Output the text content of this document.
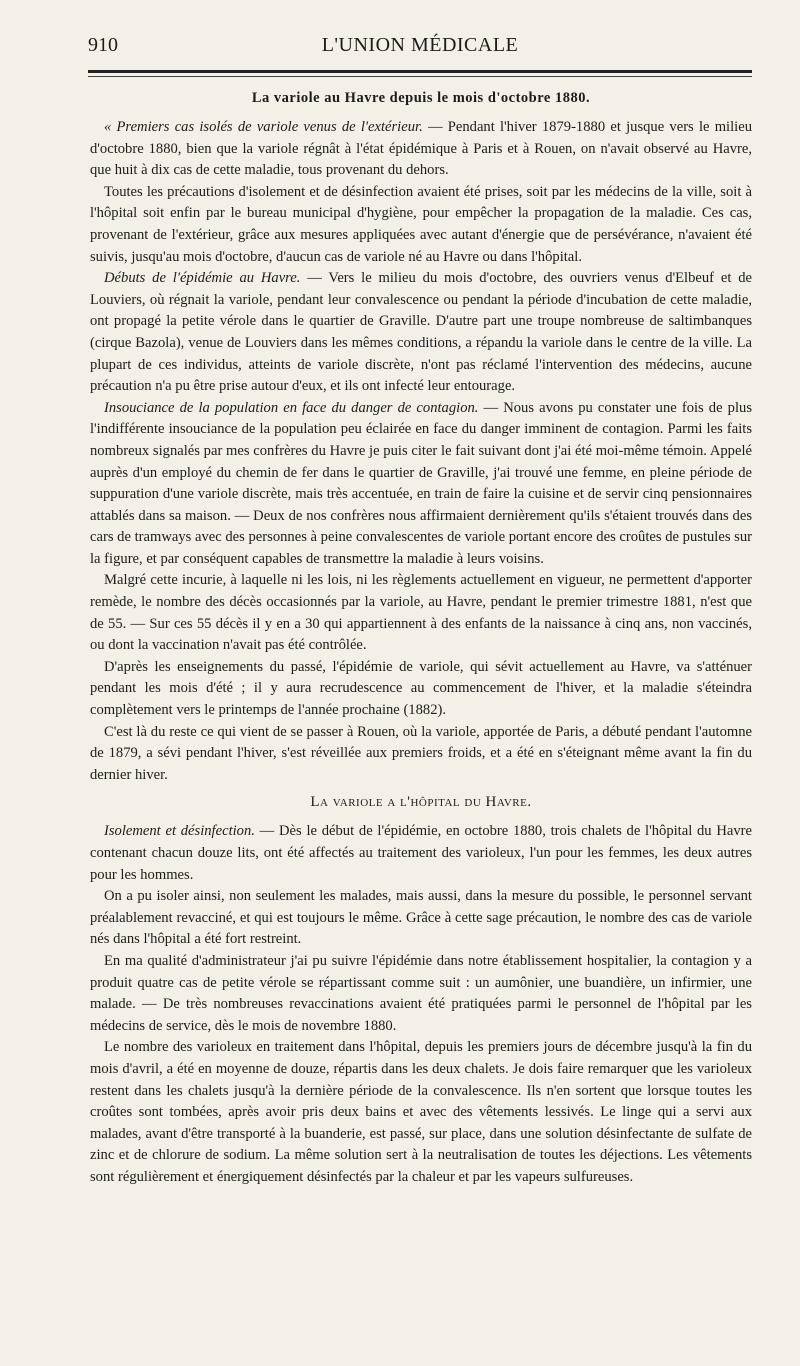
910	L'UNION MÉDICALE
La variole au Havre depuis le mois d'octobre 1880.

« Premiers cas isolés de variole venus de l'extérieur. — Pendant l'hiver 1879-1880 et jusque vers le milieu d'octobre 1880, bien que la variole régnât à l'état épidémique à Paris et à Rouen, on n'avait observé au Havre, que huit à dix cas de cette maladie, tous provenant du dehors.

Toutes les précautions d'isolement et de désinfection avaient été prises, soit par les médecins de la ville, soit à l'hôpital soit enfin par le bureau municipal d'hygiène, pour empêcher la propagation de la maladie. Ces cas, provenant de l'extérieur, grâce aux mesures appliquées avec autant d'énergie que de persévérance, n'avaient été suivis, jusqu'au mois d'octobre, d'aucun cas de variole né au Havre ou dans l'hôpital.

Débuts de l'épidémie au Havre. — Vers le milieu du mois d'octobre, des ouvriers venus d'Elbeuf et de Louviers, où régnait la variole, pendant leur convalescence ou pendant la période d'incubation de cette maladie, ont propagé la petite vérole dans le quartier de Graville. D'autre part une troupe nombreuse de saltimbanques (cirque Bazola), venue de Louviers dans les mêmes conditions, a répandu la variole dans le centre de la ville. La plupart de ces individus, atteints de variole discrète, n'ont pas réclamé l'intervention des médecins, aucune précaution n'a pu être prise autour d'eux, et ils ont infecté leur entourage.

Insouciance de la population en face du danger de contagion. — Nous avons pu constater une fois de plus l'indifférente insouciance de la population peu éclairée en face du danger imminent de contagion. Parmi les faits nombreux signalés par mes confrères du Havre je puis citer le fait suivant dont j'ai été moi-même témoin. Appelé auprès d'un employé du chemin de fer dans le quartier de Graville, j'ai trouvé une femme, en pleine période de suppuration d'une variole discrète, mais très accentuée, en train de faire la cuisine et de servir cinq pensionnaires attablés dans sa maison. — Deux de nos confrères nous affirmaient dernièrement qu'ils s'étaient trouvés dans des cars de tramways avec des personnes à peine convalescentes de variole portant encore des croûtes de pustules sur la figure, et par conséquent capables de transmettre la maladie à leurs voisins.

Malgré cette incurie, à laquelle ni les lois, ni les règlements actuellement en vigueur, ne permettent d'apporter remède, le nombre des décès occasionnés par la variole, au Havre, pendant le premier trimestre 1881, n'est que de 55. — Sur ces 55 décès il y en a 30 qui appartiennent à des enfants de la naissance à cinq ans, non vaccinés, ou dont la vaccination n'avait pas été contrôlée.

D'après les enseignements du passé, l'épidémie de variole, qui sévit actuellement au Havre, va s'atténuer pendant les mois d'été ; il y aura recrudescence au commencement de l'hiver, et la maladie s'éteindra complètement vers le printemps de l'année prochaine (1882).

C'est là du reste ce qui vient de se passer à Rouen, où la variole, apportée de Paris, a débuté pendant l'automne de 1879, a sévi pendant l'hiver, s'est réveillée aux premiers froids, et a été en s'éteignant même avant la fin du dernier hiver.

La variole a l'hôpital du Havre.

Isolement et désinfection. — Dès le début de l'épidémie, en octobre 1880, trois chalets de l'hôpital du Havre contenant chacun douze lits, ont été affectés au traitement des varioleux, l'un pour les femmes, les deux autres pour les hommes.

On a pu isoler ainsi, non seulement les malades, mais aussi, dans la mesure du possible, le personnel servant préalablement revacciné, et qui est toujours le même. Grâce à cette sage précaution, le nombre des cas de variole nés dans l'hôpital a été fort restreint.

En ma qualité d'administrateur j'ai pu suivre l'épidémie dans notre établissement hospitalier, la contagion y a produit quatre cas de petite vérole se répartissant comme suit : un aumônier, une buandière, un infirmier, une malade. — De très nombreuses revaccinations avaient été pratiquées parmi le personnel de l'hôpital par les médecins de service, dès le mois de novembre 1880.

Le nombre des varioleux en traitement dans l'hôpital, depuis les premiers jours de décembre jusqu'à la fin du mois d'avril, a été en moyenne de douze, répartis dans les deux chalets. Je dois faire remarquer que les varioleux restent dans les chalets jusqu'à la dernière période de la convalescence. Ils n'en sortent que lorsque toutes les croûtes sont tombées, après avoir pris deux bains et avec des vêtements lessivés. Le linge qui a servi aux malades, avant d'être transporté à la buanderie, est passé, sur place, dans une solution désinfectante de sulfate de zinc et de chlorure de sodium. La même solution sert à la neutralisation de toutes les déjections. Les vêtements sont régulièrement et énergiquement désinfectés par la chaleur et par les vapeurs sulfureuses.
